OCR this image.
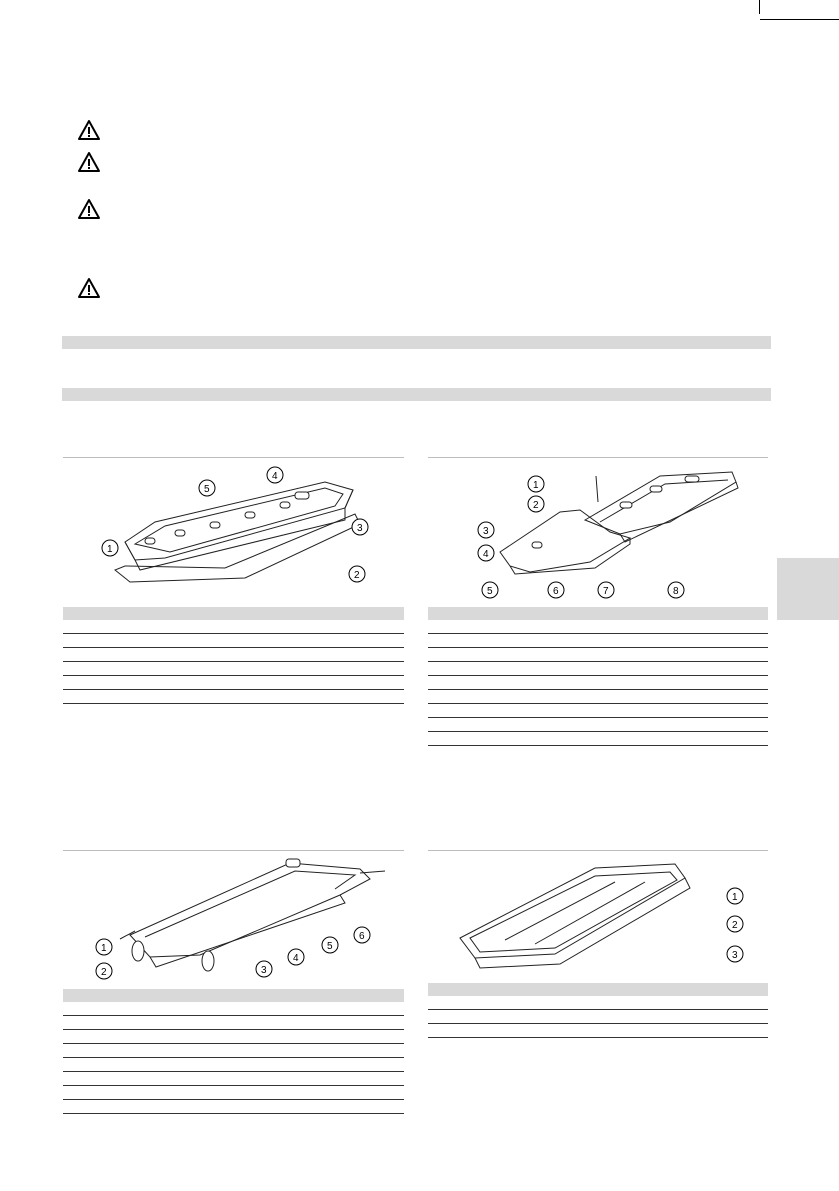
1
2
3
4
5	1
2
3
4
5	6	7	8
1
2	3
4
5
6
1
2
3
